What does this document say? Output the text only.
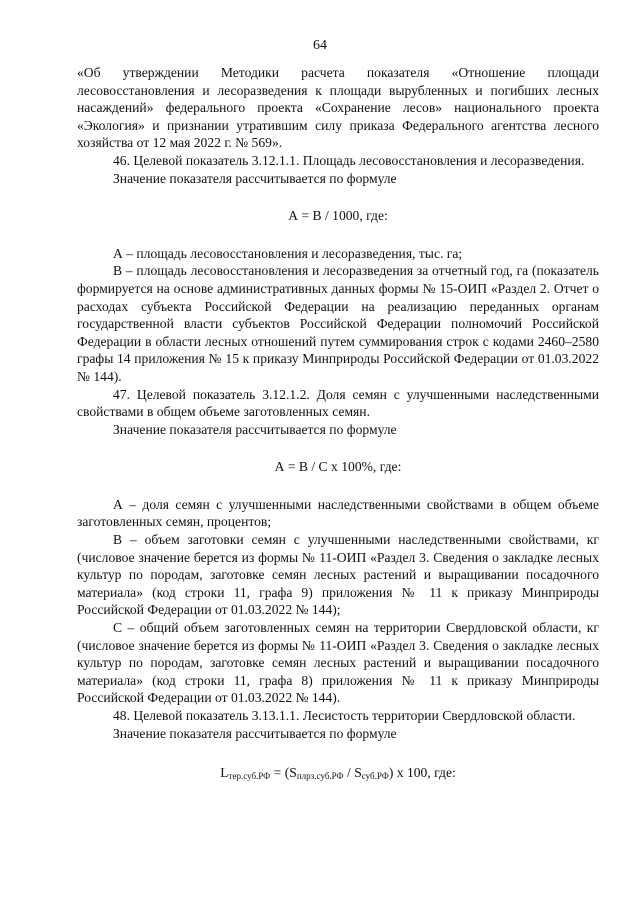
64

«Об утверждении Методики расчета показателя «Отношение площади лесовосстановления и лесоразведения к площади вырубленных и погибших лесных насаждений» федерального проекта «Сохранение лесов» национального проекта «Экология» и признании утратившим силу приказа Федерального агентства лесного хозяйства от 12 мая 2022 г. № 569».

46. Целевой показатель 3.12.1.1. Площадь лесовосстановления и лесоразведения.

Значение показателя рассчитывается по формуле

А = В / 1000, где:

А – площадь лесовосстановления и лесоразведения, тыс. га;

В – площадь лесовосстановления и лесоразведения за отчетный год, га (показатель формируется на основе административных данных формы № 15-ОИП «Раздел 2. Отчет о расходах субъекта Российской Федерации на реализацию переданных органам государственной власти субъектов Российской Федерации полномочий Российской Федерации в области лесных отношений путем суммирования строк с кодами 2460–2580 графы 14 приложения № 15 к приказу Минприроды Российской Федерации от 01.03.2022 № 144).

47. Целевой показатель 3.12.1.2. Доля семян с улучшенными наследственными свойствами в общем объеме заготовленных семян.

Значение показателя рассчитывается по формуле

А = В / С х 100%, где:

А – доля семян с улучшенными наследственными свойствами в общем объеме заготовленных семян, процентов;

В – объем заготовки семян с улучшенными наследственными свойствами, кг (числовое значение берется из формы № 11-ОИП «Раздел 3. Сведения о закладке лесных культур по породам, заготовке семян лесных растений и выращивании посадочного материала» (код строки 11, графа 9) приложения № 11 к приказу Минприроды Российской Федерации от 01.03.2022 № 144);

С – общий объем заготовленных семян на территории Свердловской области, кг (числовое значение берется из формы № 11-ОИП «Раздел 3. Сведения о закладке лесных культур по породам, заготовке семян лесных растений и выращивании посадочного материала» (код строки 11, графа 8) приложения № 11 к приказу Минприроды Российской Федерации от 01.03.2022 № 144).

48. Целевой показатель 3.13.1.1. Лесистость территории Свердловской области.

Значение показателя рассчитывается по формуле

$L_{тер.суб.РФ} = (S_{плрз.суб.РФ} / S_{суб.РФ})$ x 100, где:
